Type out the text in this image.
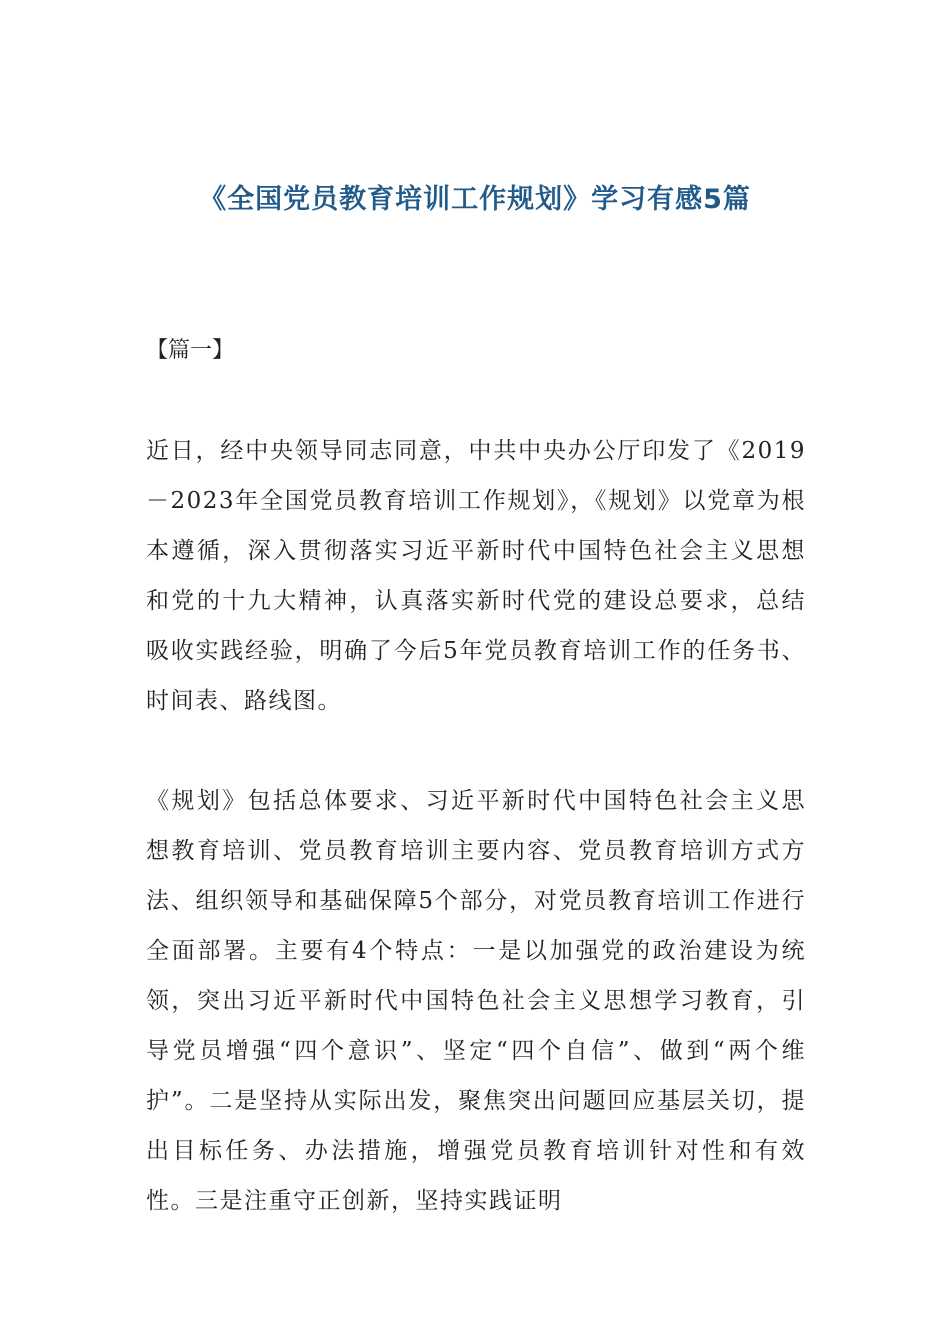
《全国党员教育培训工作规划》学习有感5篇
【篇一】

近日，经中央领导同志同意，中共中央办公厅印发了《2019－2023年全国党员教育培训工作规划》，《规划》以党章为根本遵循，深入贯彻落实习近平新时代中国特色社会主义思想和党的十九大精神，认真落实新时代党的建设总要求，总结吸收实践经验，明确了今后5年党员教育培训工作的任务书、时间表、路线图。

《规划》包括总体要求、习近平新时代中国特色社会主义思想教育培训、党员教育培训主要内容、党员教育培训方式方法、组织领导和基础保障5个部分，对党员教育培训工作进行全面部署。主要有4个特点：一是以加强党的政治建设为统领，突出习近平新时代中国特色社会主义思想学习教育，引导党员增强“四个意识”、坚定“四个自信”、做到“两个维护”。二是坚持从实际出发，聚焦突出问题回应基层关切，提出目标任务、办法措施，增强党员教育培训针对性和有效性。三是注重守正创新，坚持实践证明
